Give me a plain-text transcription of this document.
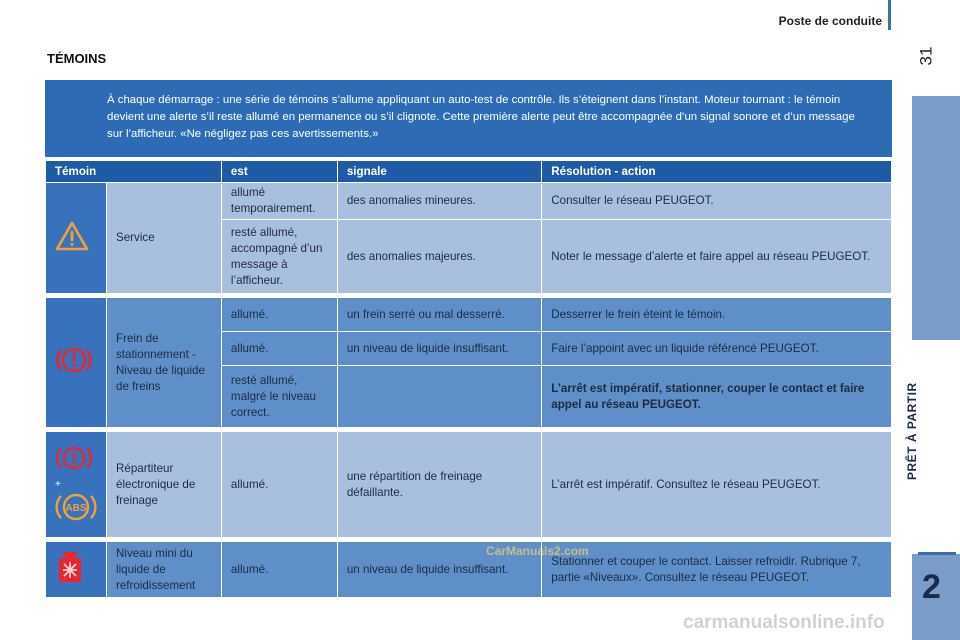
Poste de conduite
31
PRÊT À PARTIR
2
TÉMOINS

À chaque démarrage : une série de témoins s’allume appliquant un auto-test de contrôle. Ils s’éteignent dans l’instant. Moteur tournant : le témoin devient une alerte s’il reste allumé en permanence ou s’il clignote. Cette première alerte peut être accompagnée d’un signal sonore et d’un message sur l’afficheur. «Ne négligez pas ces avertissements.»

Témoin		est	signale	Résolution - action
	Service	allumé temporairement.	des anomalies mineures.	Consulter le réseau PEUGEOT.
		resté allumé, accompagné d’un message à l’afficheur.	des anomalies majeures.	Noter le message d’alerte et faire appel au réseau PEUGEOT.

	Frein de stationnement - Niveau de liquide de freins	allumé.	un frein serré ou mal desserré.	Desserrer le frein éteint le témoin.
		allumé.	un niveau de liquide insuffisant.	Faire l’appoint avec un liquide référencé PEUGEOT.
		resté allumé, malgré le niveau correct.		L’arrêt est impératif, stationner, couper le contact et faire appel au réseau PEUGEOT.

+
ABS	Répartiteur électronique de freinage	allumé.	une répartition de freinage défaillante.	L’arrêt est impératif. Consultez le réseau PEUGEOT.

	Niveau mini du liquide de refroidissement	allumé.	un niveau de liquide insuffisant.	Stationner et couper le contact. Laisser refroidir. Rubrique 7, partie «Niveaux». Consultez le réseau PEUGEOT.
CarManuals2.com
carmanualsonline.info
